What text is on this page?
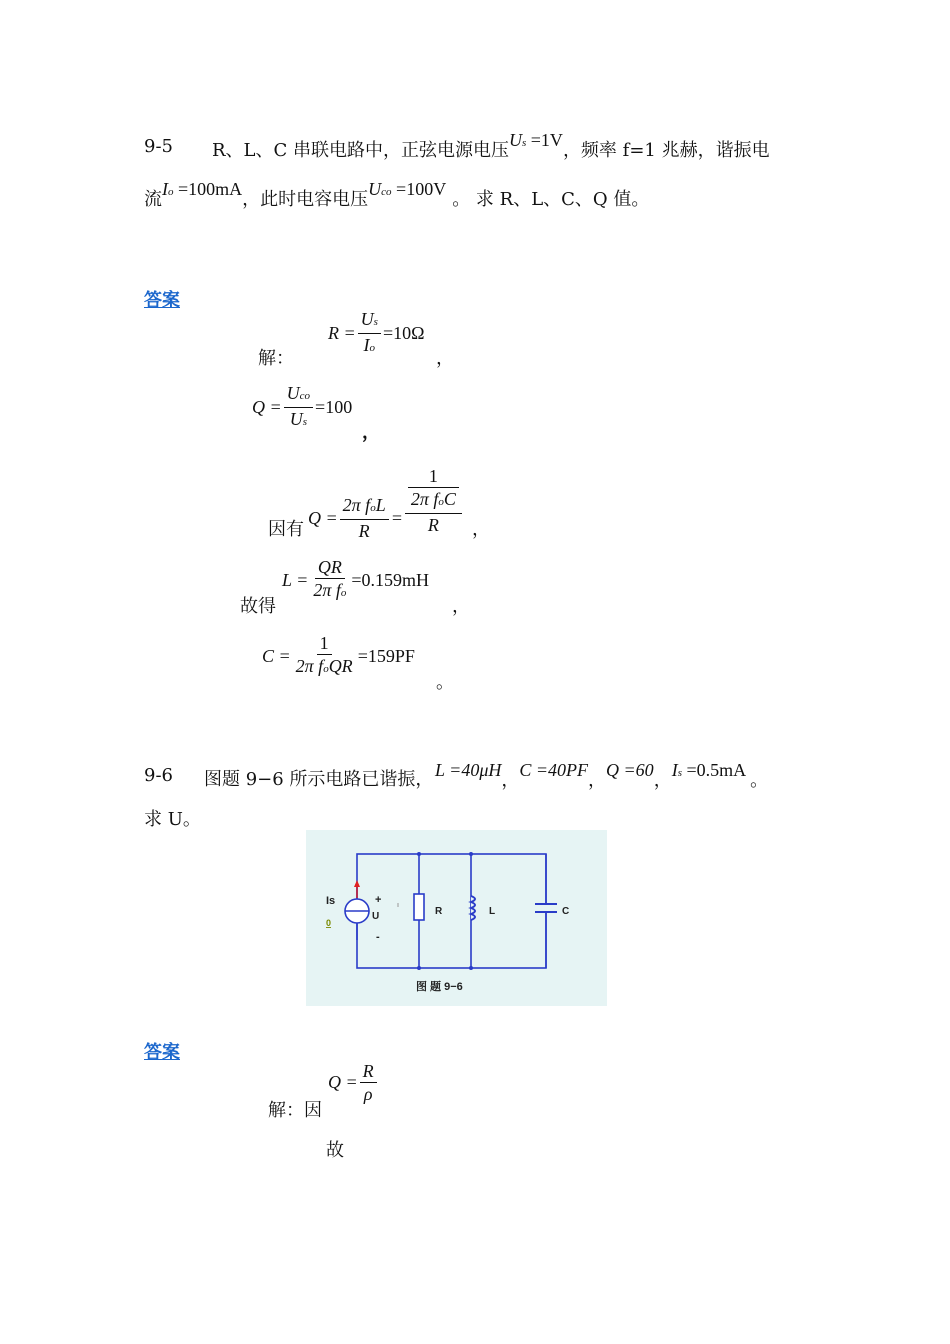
9-5 R、L、C 串联电路中，正弦电源电压Us =1V，频率 f=1 兆赫，谐振电
流Io =100mA，此时电容电压Uco =100V 。 求 R、L、C、Q 值。
答案
解：
$R = \frac{Us}{Io} =10\Omega$
，
$Q = \frac{\text{Uco}}{Us} =100$
，
因有
$Q = \frac{\text{2π foL}}{R} = \frac{\frac{1}{\text{2π foC}}}{R}$ ，
故得
$L = \frac{QR}{\text{2π fo}} =0.159mH$
，
$C = \frac{1}{\text{2π foQR}} =159PF$
。
9-6 图题 9−6 所示电路已谐振， L =40μH，C =40PF，Q =60，Is =0.5mA 。
求 U。
Is
0
+
-
U	R	L	C
图 题 9−6
答案
解：因
$Q = \frac{R}{\rho}$
故
